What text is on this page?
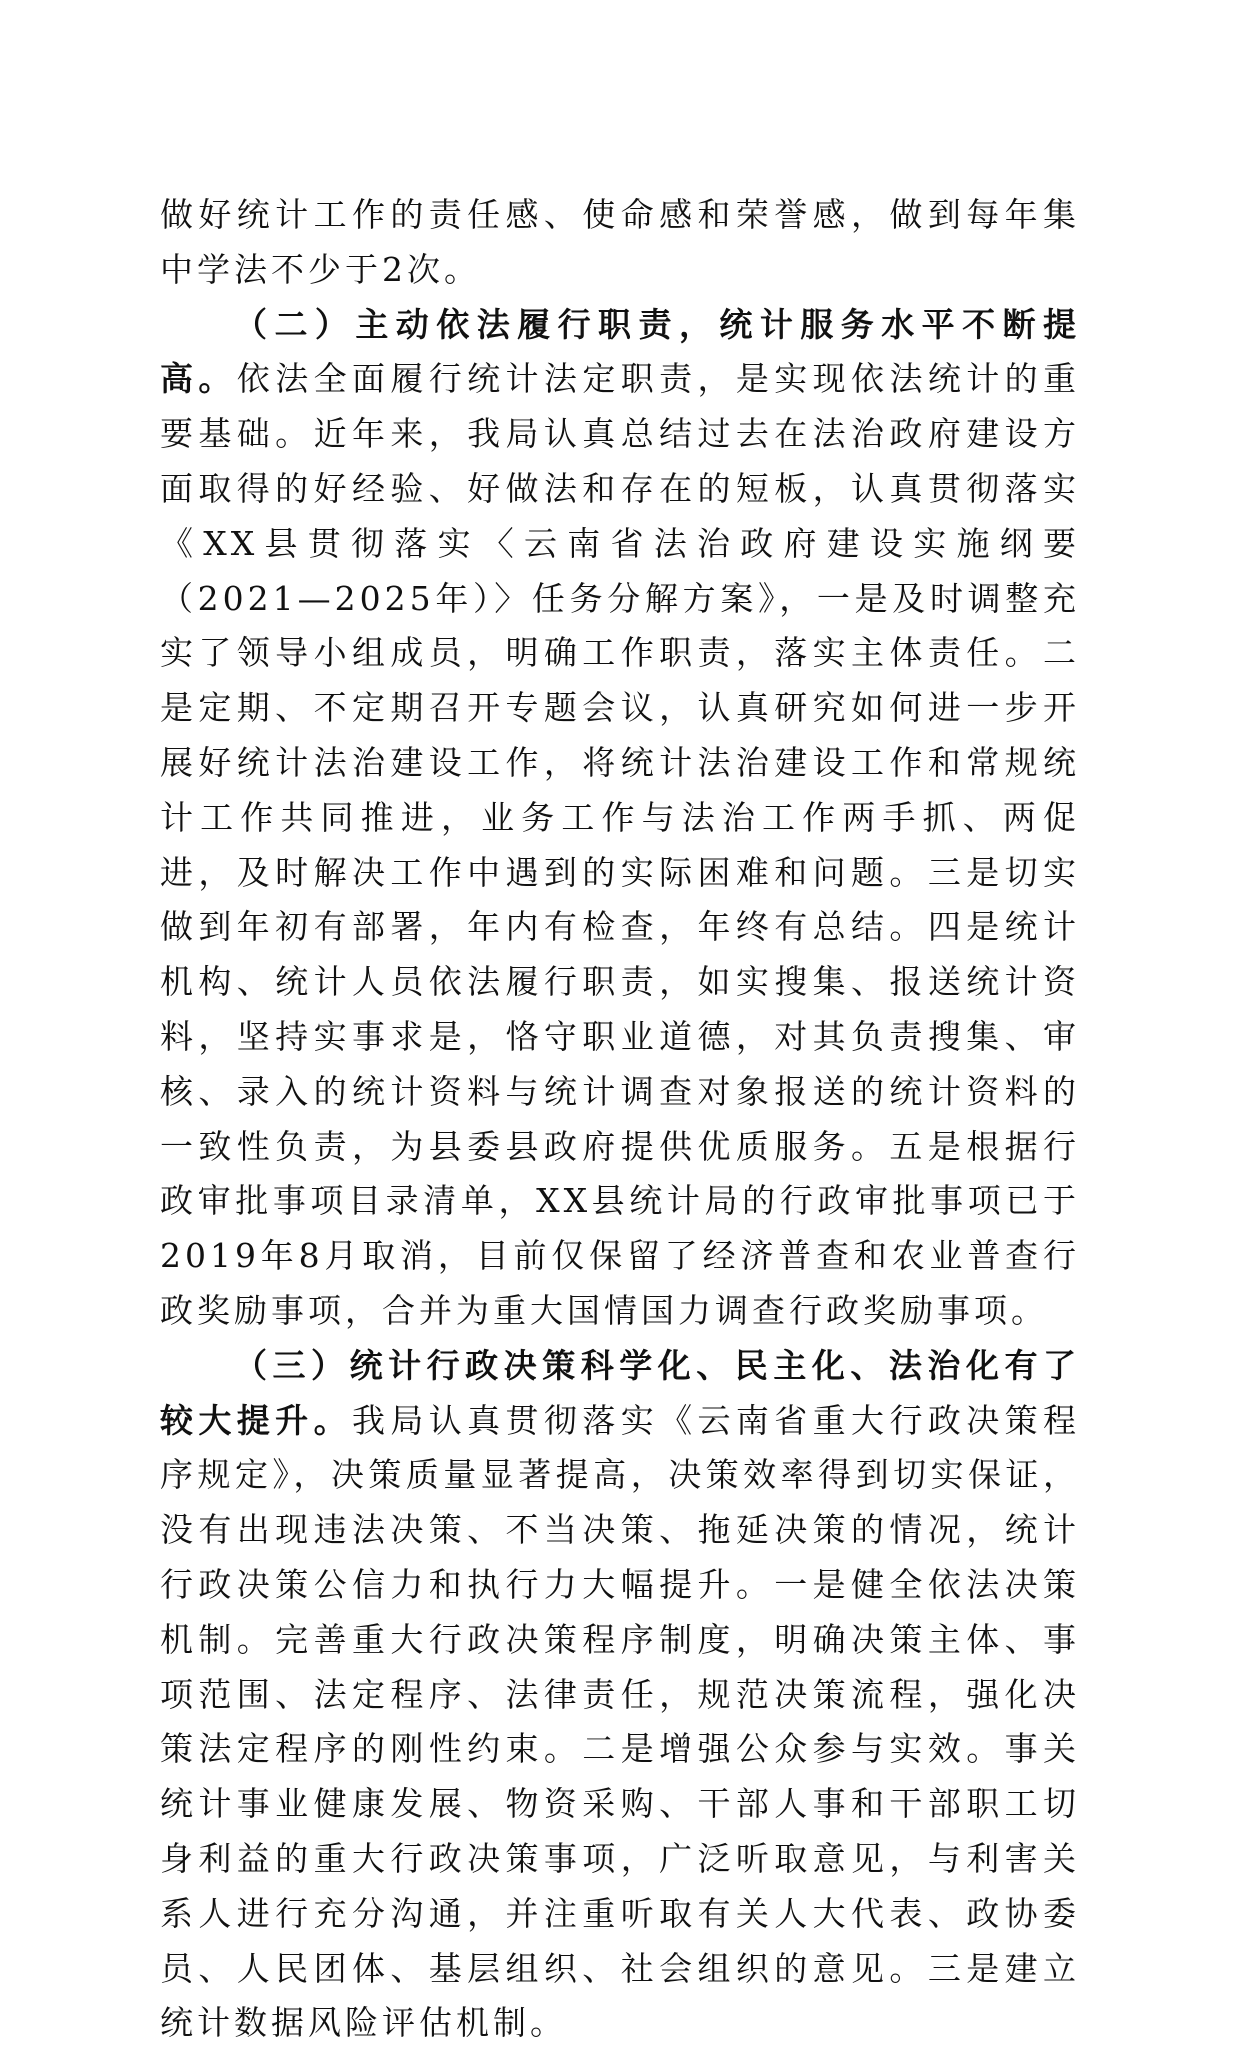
做好统计工作的责任感、使命感和荣誉感，做到每年集中学法不少于2次。

（二）主动依法履行职责，统计服务水平不断提高。依法全面履行统计法定职责，是实现依法统计的重要基础。近年来，我局认真总结过去在法治政府建设方面取得的好经验、好做法和存在的短板，认真贯彻落实《XX县贯彻落实〈云南省法治政府建设实施纲要（2021—2025年）〉任务分解方案》，一是及时调整充实了领导小组成员，明确工作职责，落实主体责任。二是定期、不定期召开专题会议，认真研究如何进一步开展好统计法治建设工作，将统计法治建设工作和常规统计工作共同推进，业务工作与法治工作两手抓、两促进，及时解决工作中遇到的实际困难和问题。三是切实做到年初有部署，年内有检查，年终有总结。四是统计机构、统计人员依法履行职责，如实搜集、报送统计资料，坚持实事求是，恪守职业道德，对其负责搜集、审核、录入的统计资料与统计调查对象报送的统计资料的一致性负责，为县委县政府提供优质服务。五是根据行政审批事项目录清单，XX县统计局的行政审批事项已于2019年8月取消，目前仅保留了经济普查和农业普查行政奖励事项，合并为重大国情国力调查行政奖励事项。

（三）统计行政决策科学化、民主化、法治化有了较大提升。我局认真贯彻落实《云南省重大行政决策程序规定》，决策质量显著提高，决策效率得到切实保证，没有出现违法决策、不当决策、拖延决策的情况，统计行政决策公信力和执行力大幅提升。一是健全依法决策机制。完善重大行政决策程序制度，明确决策主体、事项范围、法定程序、法律责任，规范决策流程，强化决策法定程序的刚性约束。二是增强公众参与实效。事关统计事业健康发展、物资采购、干部人事和干部职工切身利益的重大行政决策事项，广泛听取意见，与利害关系人进行充分沟通，并注重听取有关人大代表、政协委员、人民团体、基层组织、社会组织的意见。三是建立统计数据风险评估机制。
